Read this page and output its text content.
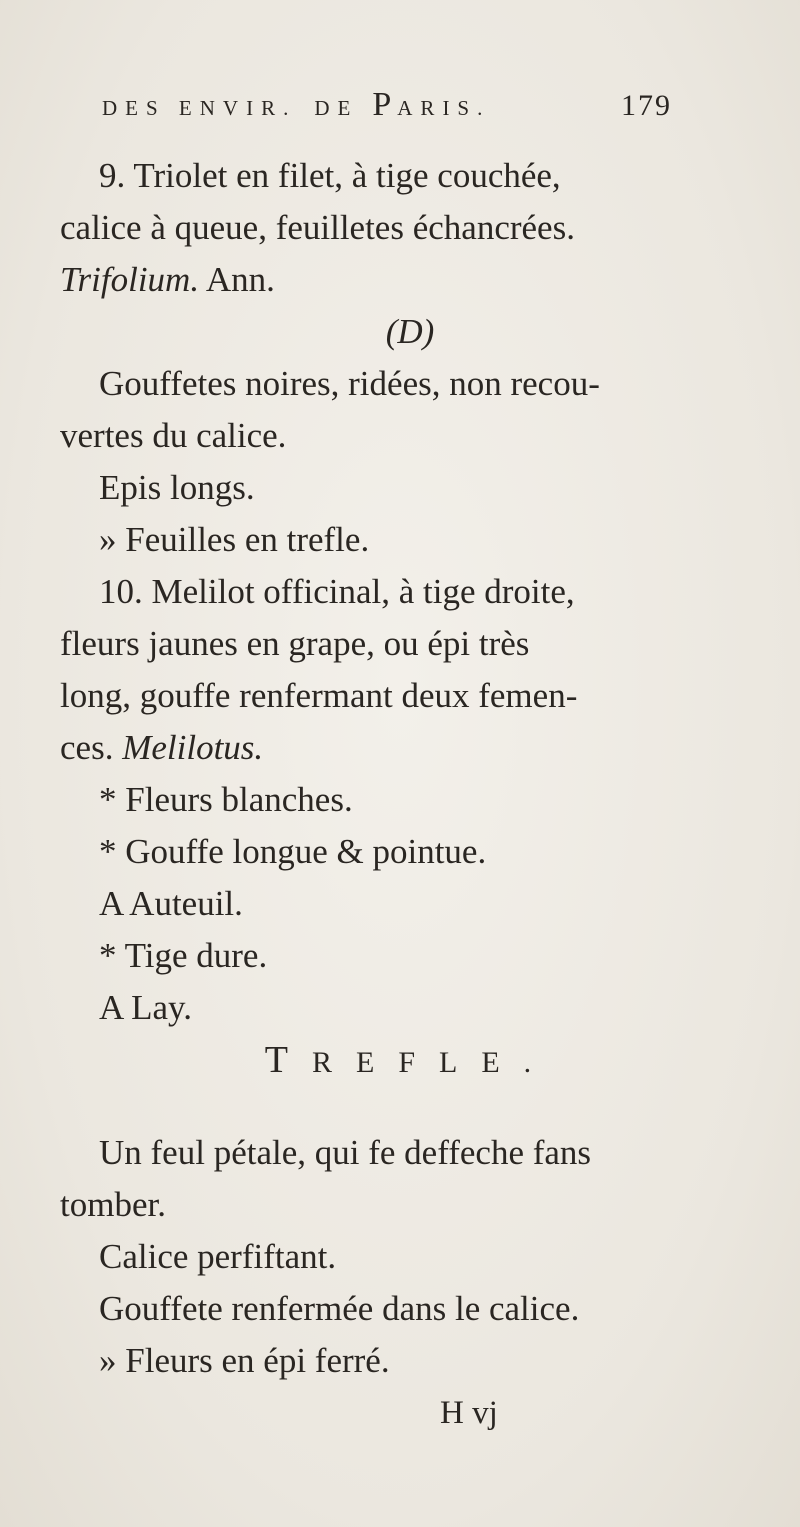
DES ENVIR. DE P ARIS.	179
9. Triolet en filet, à tige couchée,
calice à queue, feuilletes échancrées.
Trifolium. Ann.
(D)
Gouffetes noires, ridées, non recou-
vertes du calice.
Epis longs.
» Feuilles en trefle.
10. Melilot officinal, à tige droite,
fleurs jaunes en grape, ou épi très
long, gouffe renfermant deux femen-
ces. Melilotus.
* Fleurs blanches.
* Gouffe longue & pointue.
A Auteuil.
* Tige dure.
A Lay.
TREFLE.
Un feul pétale, qui fe deffeche fans
tomber.
Calice perfiftant.
Gouffete renfermée dans le calice.
» Fleurs en épi ferré.
H vj
